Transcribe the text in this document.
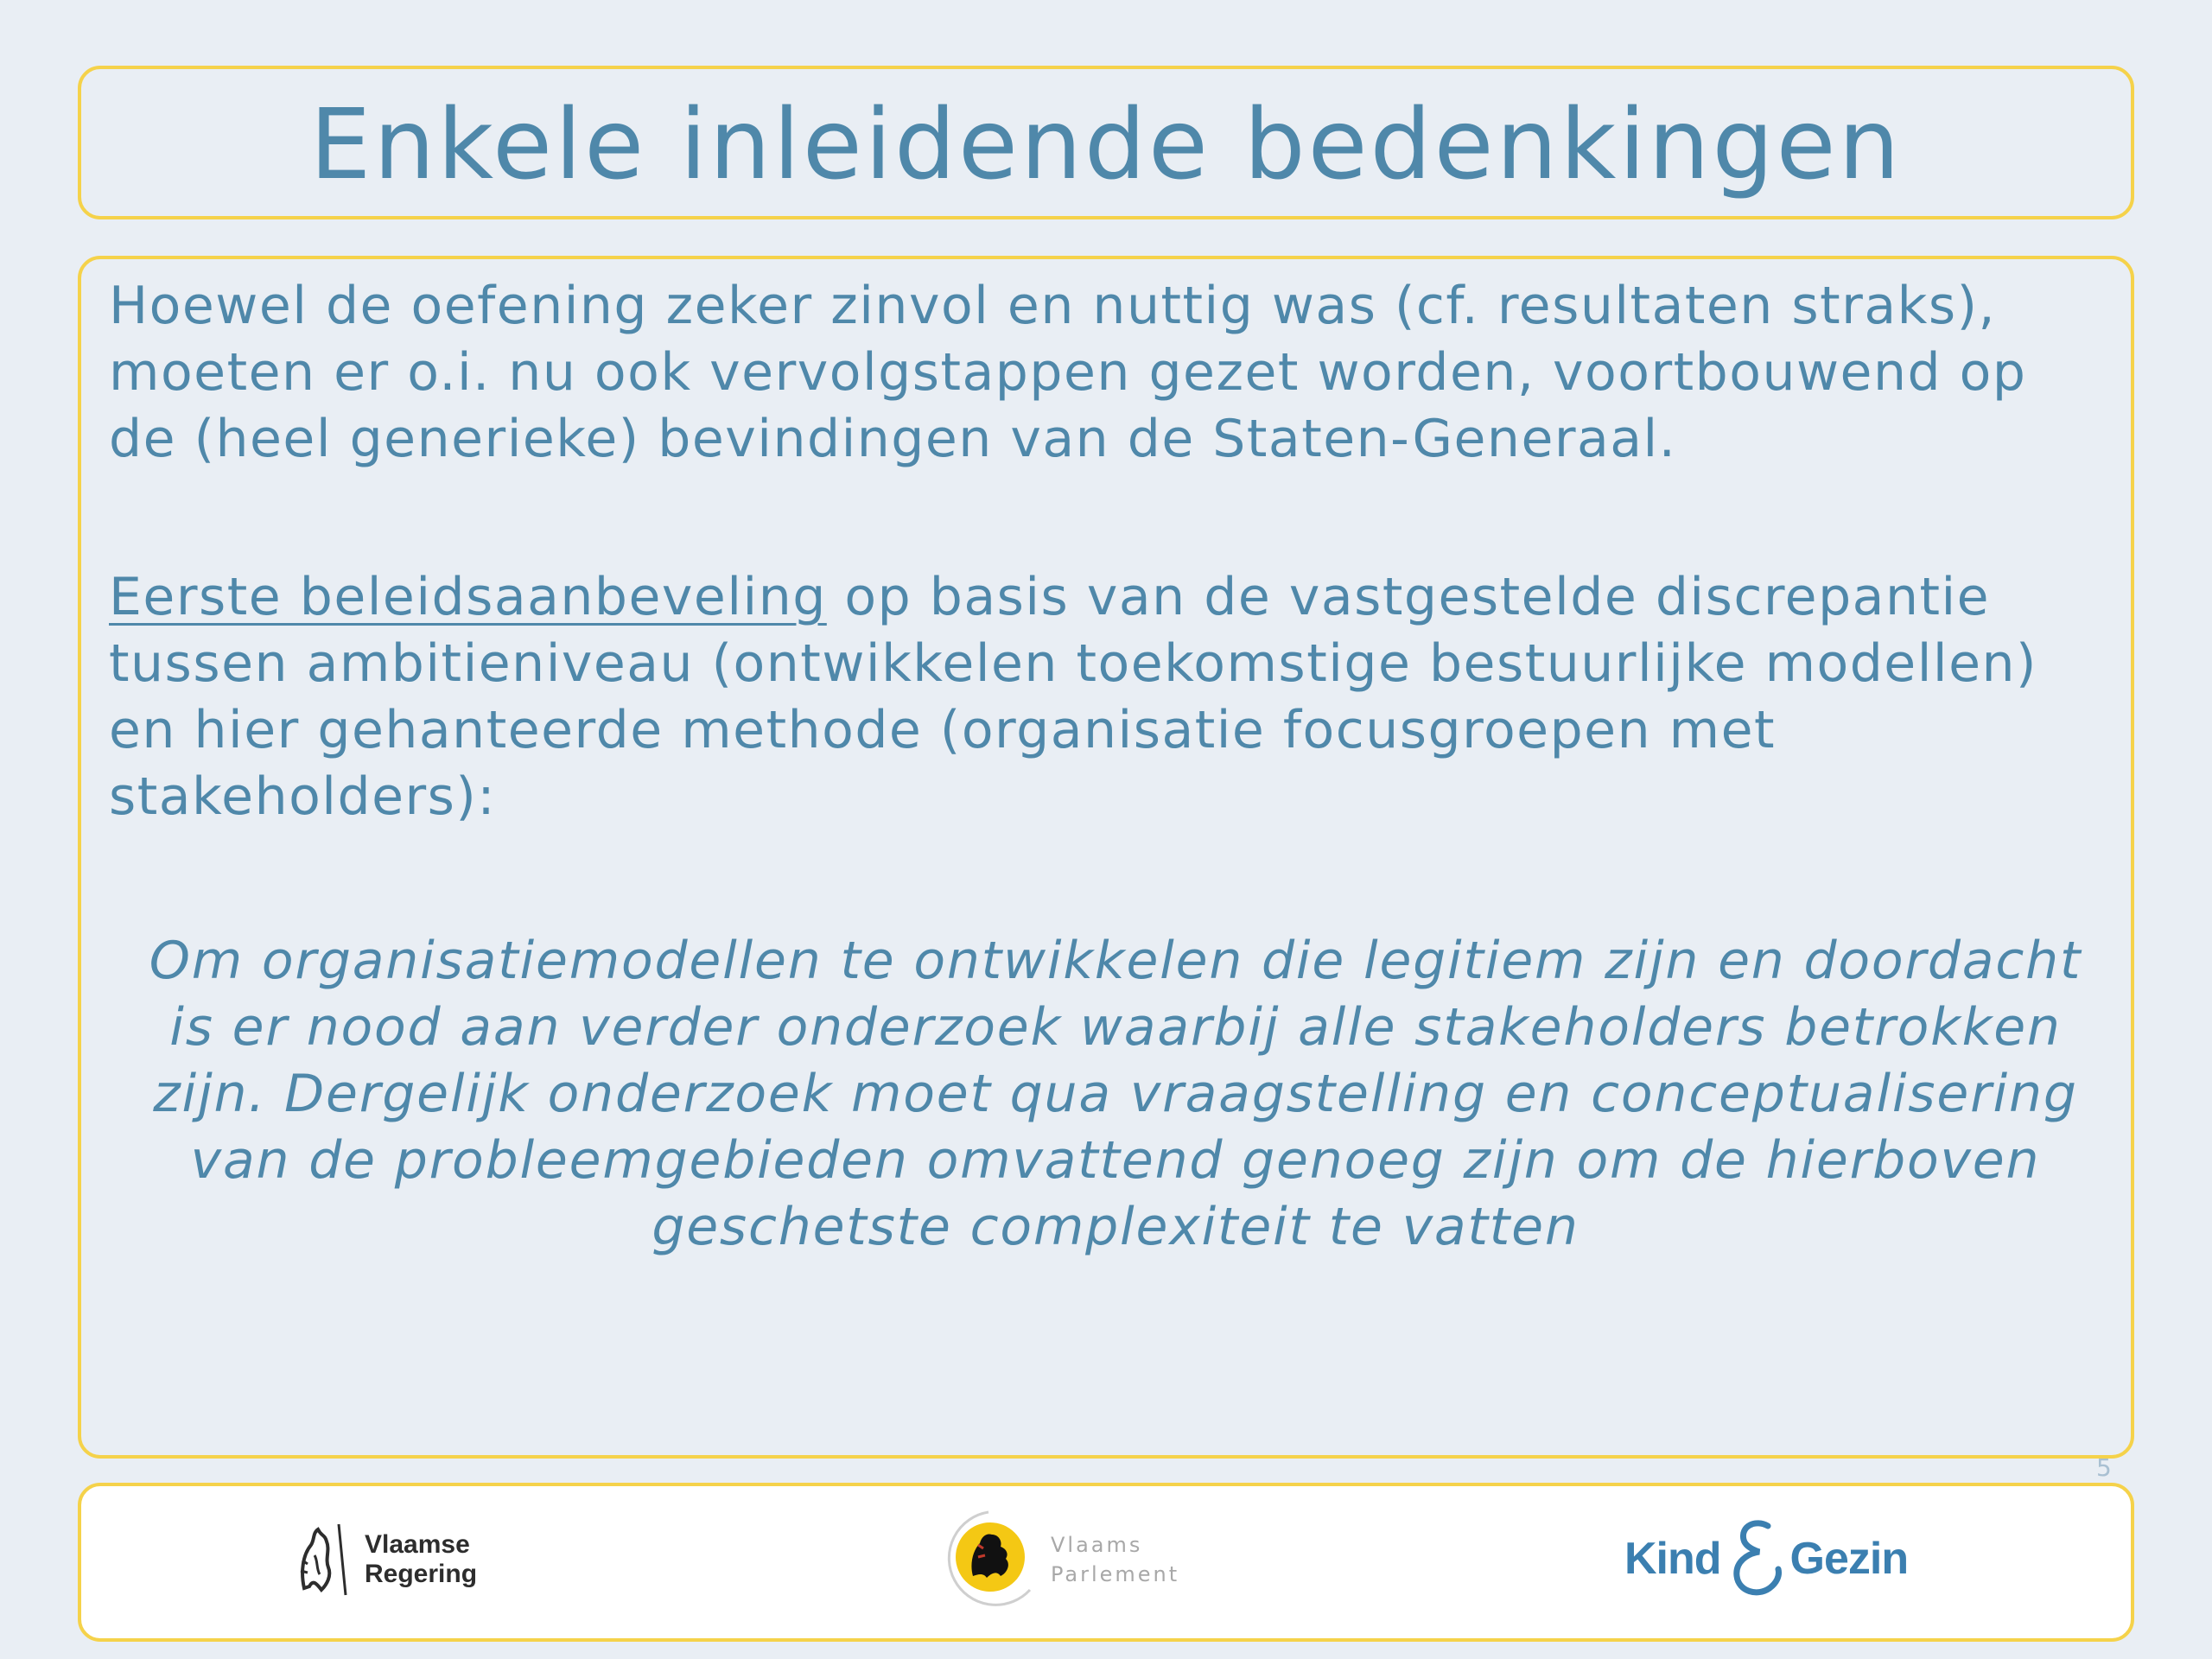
Enkele inleidende bedenkingen

Hoewel de oefening zeker zinvol en nuttig was (cf. resultaten straks), moeten er o.i. nu ook vervolgstappen gezet worden, voortbouwend op de (heel generieke) bevindingen van de Staten-Generaal.

Eerste beleidsaanbeveling op basis van de vastgestelde discrepantie tussen ambitieniveau (ontwikkelen toekomstige bestuurlijke modellen) en hier gehanteerde methode (organisatie focusgroepen met stakeholders):

Om organisatiemodellen te ontwikkelen die legitiem zijn en doordacht is er nood aan verder onderzoek waarbij alle stakeholders betrokken zijn. Dergelijk onderzoek moet qua vraagstelling en conceptualisering van de probleemgebieden omvattend genoeg zijn om de hierboven geschetste complexiteit te vatten

5
Vlaamse
Regering
Vlaams
Parlement	Kind Gezin
